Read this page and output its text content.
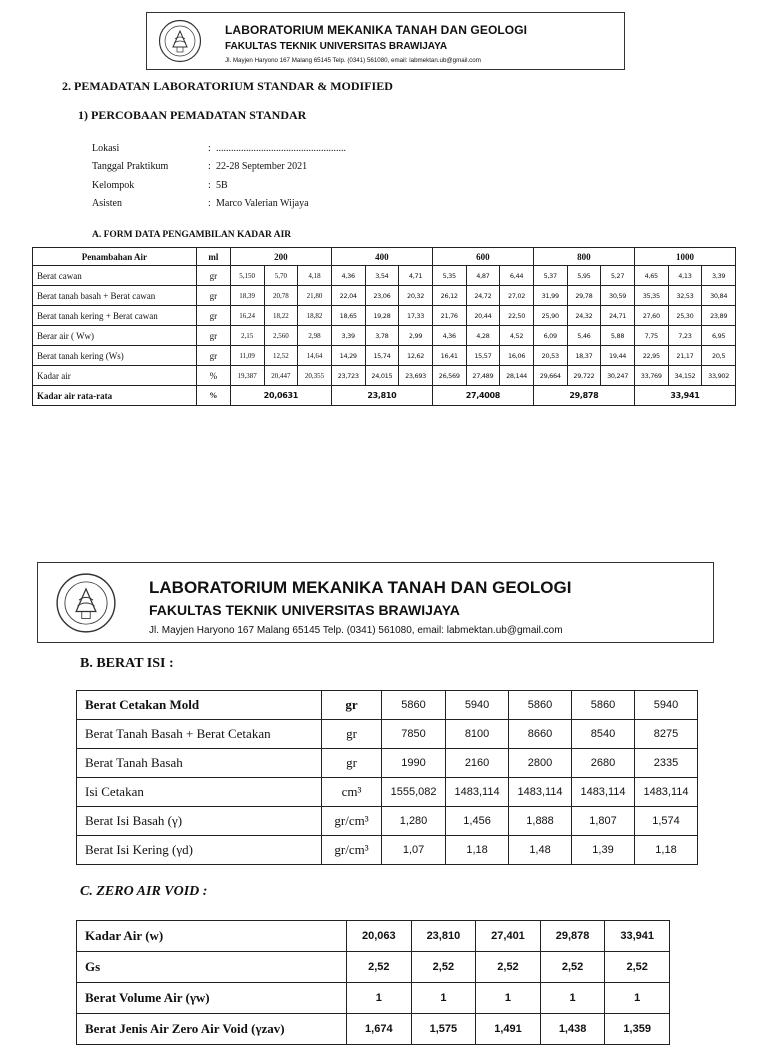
LABORATORIUM MEKANIKA TANAH DAN GEOLOGI
FAKULTAS TEKNIK UNIVERSITAS BRAWIJAYA
Jl. Mayjen Haryono 167 Malang 65145 Telp. (0341) 561080, email: labmektan.ub@gmail.com
2. PEMADATAN LABORATORIUM STANDAR & MODIFIED
1) PERCOBAAN PEMADATAN STANDAR
Lokasi	: ....................................................
Tanggal Praktikum	: 22-28 September 2021
Kelompok	: 5B
Asisten	: Marco Valerian Wijaya
A. FORM DATA PENGAMBILAN KADAR AIR
Penambahan Air	ml	200			400			600			800			1000		
Berat cawan	gr	5,150	5,70	4,18	4,36	3,54	4,71	5,35	4,87	6,44	5,37	5,95	5,27	4,65	4,13	3,39
Berat tanah basah + Berat cawan	gr	18,39	20,78	21,80	22,04	23,06	20,32	26,12	24,72	27,02	31,99	29,78	30,59	35,35	32,53	30,84
Berat tanah kering + Berat cawan	gr	16,24	18,22	18,82	18,65	19,28	17,33	21,76	20,44	22,50	25,90	24,32	24,71	27,60	25,30	23,89
Berar air ( Ww)	gr	2,15	2,560	2,98	3,39	3,78	2,99	4,36	4,28	4,52	6,09	5,46	5,88	7,75	7,23	6,95
Berat tanah kering (Ws)	gr	11,09	12,52	14,64	14,29	15,74	12,62	16,41	15,57	16,06	20,53	18,37	19,44	22,95	21,17	20,5
Kadar air	%	19,387	20,447	20,355	23,723	24,015	23,693	26,569	27,489	28,144	29,664	29,722	30,247	33,769	34,152	33,902
Kadar air rata-rata	%	20,0631			23,810			27,4008			29,878			33,941		
LABORATORIUM MEKANIKA TANAH DAN GEOLOGI
FAKULTAS TEKNIK UNIVERSITAS BRAWIJAYA
Jl. Mayjen Haryono 167 Malang 65145 Telp. (0341) 561080, email: labmektan.ub@gmail.com
B. BERAT ISI :
Berat Cetakan Mold	gr	5860	5940	5860	5860	5940
Berat Tanah Basah + Berat Cetakan	gr	7850	8100	8660	8540	8275
Berat Tanah Basah	gr	1990	2160	2800	2680	2335
Isi Cetakan	cm³	1555,082	1483,114	1483,114	1483,114	1483,114
Berat Isi Basah (γ)	gr/cm³	1,280	1,456	1,888	1,807	1,574
Berat Isi Kering (γd)	gr/cm³	1,07	1,18	1,48	1,39	1,18
C. ZERO AIR VOID :
Kadar Air (w)	20,063	23,810	27,401	29,878	33,941
Gs	2,52	2,52	2,52	2,52	2,52
Berat Volume Air (γw)	1	1	1	1	1
Berat Jenis Air Zero Air Void (γzav)	1,674	1,575	1,491	1,438	1,359
